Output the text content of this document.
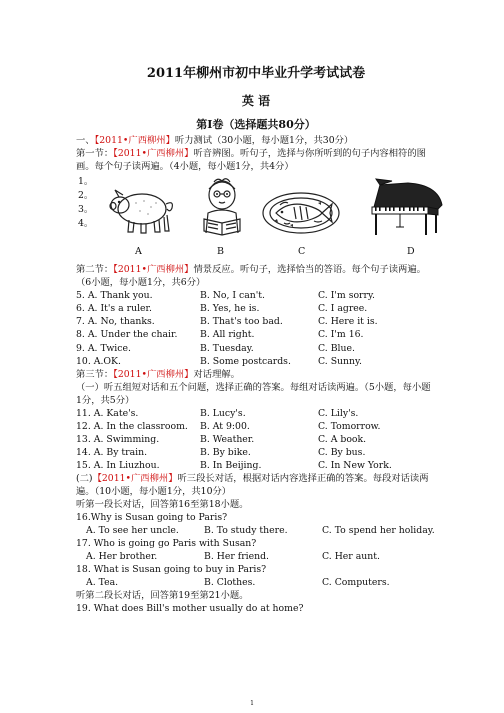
2011年柳州市初中毕业升学考试试卷
英 语
第Ⅰ卷（选择题共80分）
一、【2011•广西柳州】听力测试（30小题，每小题1分，共30分）
第一节：【2011•广西柳州】听音辨图。听句子，选择与你所听到的句子内容相符的图画。每个句子读两遍。（4小题，每小题1分，共4分）
1。
2。
3。
4。
A	B	C	D
第二节：【2011•广西柳州】情景反应。听句子，选择恰当的答语。每个句子读两遍。（6小题，每小题1分，共6分）
5. A. Thank you.	B. No, I can't.	C. I'm sorry.
6. A. It's a ruler.	B. Yes, he is.	C. I agree.
7. A. No, thanks.	B. That's too bad.	C. Here it is.
8. A. Under the chair.	B. All right.	C. I'm 16.
9. A. Twice.	B. Tuesday.	C. Blue.
10. A.OK.	B. Some postcards.	C. Sunny.
第三节：【2011•广西柳州】对话理解。
（一）听五组短对话和五个问题，选择正确的答案。每组对话读两遍。（5小题，每小题1分，共5分）
11. A. Kate's.	B. Lucy's.	C. Lily's.
12. A. In the classroom.	B. At 9:00.	C. Tomorrow.
13. A. Swimming.	B. Weather.	C. A book.
14. A. By train.	B. By bike.	C. By bus.
15. A. In Liuzhou.	B. In Beijing.	C. In New York.
(二)【2011•广西柳州】听三段长对话，根据对话内容选择正确的答案。每段对话读两遍。（10小题，每小题1分，共10分）
听第一段长对话，回答第16至第18小题。
16.Why is Susan going to Paris?
A. To see her uncle.	B. To study there.	C. To spend her holiday.
17. Who is going go Paris with Susan?
A. Her brother.	B. Her friend.	C. Her aunt.
18. What is Susan going to buy in Paris?
A. Tea.	B. Clothes.	C. Computers.
听第二段长对话，回答第19至第21小题。
19. What does Bill's mother usually do at home?
1
